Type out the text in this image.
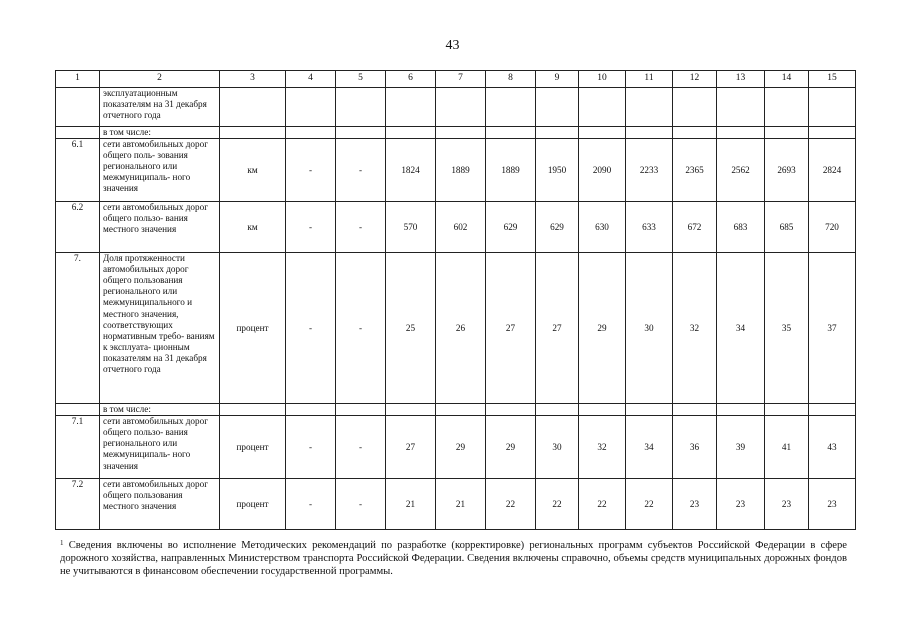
43
1	2	3	4	5	6	7	8	9	10	11	12	13	14	15
	эксплуатационным показателям на 31 декабря отчетного года													
	в том числе:													
6.1	сети автомобильных дорог общего поль- зования регионального или межмуниципаль- ного значения	км	-	-	1824	1889	1889	1950	2090	2233	2365	2562	2693	2824
6.2	сети автомобильных дорог общего пользо- вания местного значения	км	-	-	570	602	629	629	630	633	672	683	685	720
7.	Доля протяженности автомобильных дорог общего пользования регионального или межмуниципального и местного значения, соответствующих нормативным требо- ваниям к эксплуата- ционным показателям на 31 декабря отчетного года	процент	-	-	25	26	27	27	29	30	32	34	35	37
	в том числе:													
7.1	сети автомобильных дорог общего пользо- вания регионального или межмуниципаль- ного значения	процент	-	-	27	29	29	30	32	34	36	39	41	43
7.2	сети автомобильных дорог общего пользования местного значения	процент	-	-	21	21	22	22	22	22	23	23	23	23
$^1$ Сведения включены во исполнение Методических рекомендаций по разработке (корректировке) региональных программ субъектов Российской Федерации в сфере дорожного хозяйства, направленных Министерством транспорта Российской Федерации. Сведения включены справочно, объемы средств муниципальных дорожных фондов не учитываются в финансовом обеспечении государственной программы.
